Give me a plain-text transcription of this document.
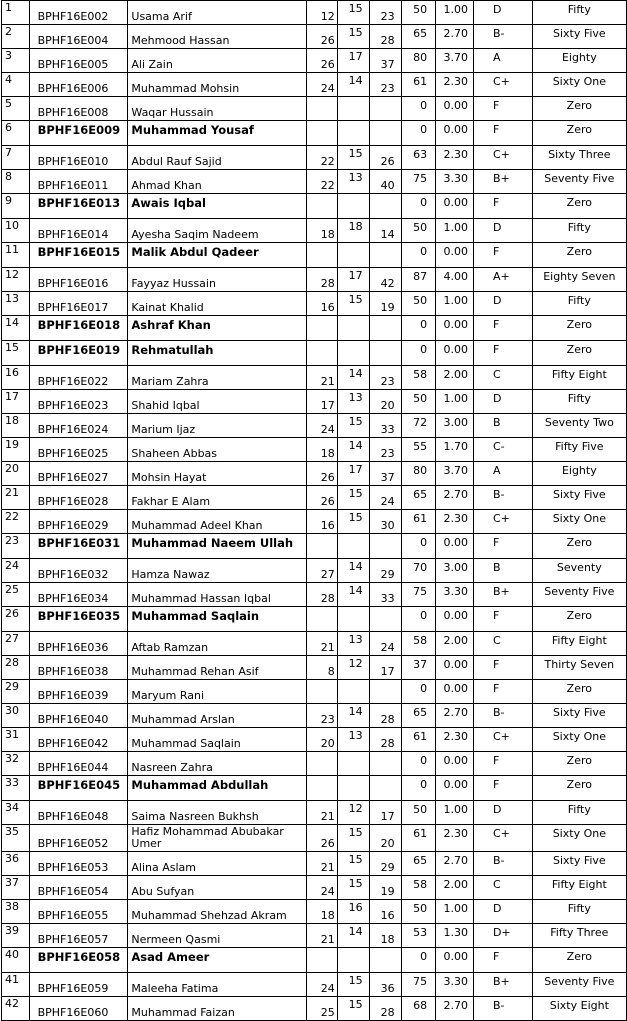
1	BPHF16E002	Usama Arif	12	15	23	50	1.00	D	Fifty
2	BPHF16E004	Mehmood Hassan	26	15	28	65	2.70	B-	Sixty Five
3	BPHF16E005	Ali Zain	26	17	37	80	3.70	A	Eighty
4	BPHF16E006	Muhammad Mohsin	24	14	23	61	2.30	C+	Sixty One
5	BPHF16E008	Waqar Hussain				0	0.00	F	Zero
6	BPHF16E009	Muhammad Yousaf				0	0.00	F	Zero
7	BPHF16E010	Abdul Rauf Sajid	22	15	26	63	2.30	C+	Sixty Three
8	BPHF16E011	Ahmad Khan	22	13	40	75	3.30	B+	Seventy Five
9	BPHF16E013	Awais Iqbal				0	0.00	F	Zero
10	BPHF16E014	Ayesha Saqim Nadeem	18	18	14	50	1.00	D	Fifty
11	BPHF16E015	Malik Abdul Qadeer				0	0.00	F	Zero
12	BPHF16E016	Fayyaz Hussain	28	17	42	87	4.00	A+	Eighty Seven
13	BPHF16E017	Kainat Khalid	16	15	19	50	1.00	D	Fifty
14	BPHF16E018	Ashraf Khan				0	0.00	F	Zero
15	BPHF16E019	Rehmatullah				0	0.00	F	Zero
16	BPHF16E022	Mariam Zahra	21	14	23	58	2.00	C	Fifty Eight
17	BPHF16E023	Shahid Iqbal	17	13	20	50	1.00	D	Fifty
18	BPHF16E024	Marium Ijaz	24	15	33	72	3.00	B	Seventy Two
19	BPHF16E025	Shaheen Abbas	18	14	23	55	1.70	C-	Fifty Five
20	BPHF16E027	Mohsin Hayat	26	17	37	80	3.70	A	Eighty
21	BPHF16E028	Fakhar E Alam	26	15	24	65	2.70	B-	Sixty Five
22	BPHF16E029	Muhammad Adeel Khan	16	15	30	61	2.30	C+	Sixty One
23	BPHF16E031	Muhammad Naeem Ullah				0	0.00	F	Zero
24	BPHF16E032	Hamza Nawaz	27	14	29	70	3.00	B	Seventy
25	BPHF16E034	Muhammad Hassan Iqbal	28	14	33	75	3.30	B+	Seventy Five
26	BPHF16E035	Muhammad Saqlain				0	0.00	F	Zero
27	BPHF16E036	Aftab Ramzan	21	13	24	58	2.00	C	Fifty Eight
28	BPHF16E038	Muhammad Rehan Asif	8	12	17	37	0.00	F	Thirty Seven
29	BPHF16E039	Maryum Rani				0	0.00	F	Zero
30	BPHF16E040	Muhammad Arslan	23	14	28	65	2.70	B-	Sixty Five
31	BPHF16E042	Muhammad Saqlain	20	13	28	61	2.30	C+	Sixty One
32	BPHF16E044	Nasreen Zahra				0	0.00	F	Zero
33	BPHF16E045	Muhammad Abdullah				0	0.00	F	Zero
34	BPHF16E048	Saima Nasreen Bukhsh	21	12	17	50	1.00	D	Fifty
35	BPHF16E052	Hafiz Mohammad Abubakar Umer	26	15	20	61	2.30	C+	Sixty One
36	BPHF16E053	Alina Aslam	21	15	29	65	2.70	B-	Sixty Five
37	BPHF16E054	Abu Sufyan	24	15	19	58	2.00	C	Fifty Eight
38	BPHF16E055	Muhammad Shehzad Akram	18	16	16	50	1.00	D	Fifty
39	BPHF16E057	Nermeen Qasmi	21	14	18	53	1.30	D+	Fifty Three
40	BPHF16E058	Asad Ameer				0	0.00	F	Zero
41	BPHF16E059	Maleeha Fatima	24	15	36	75	3.30	B+	Seventy Five
42	BPHF16E060	Muhammad Faizan	25	15	28	68	2.70	B-	Sixty Eight
